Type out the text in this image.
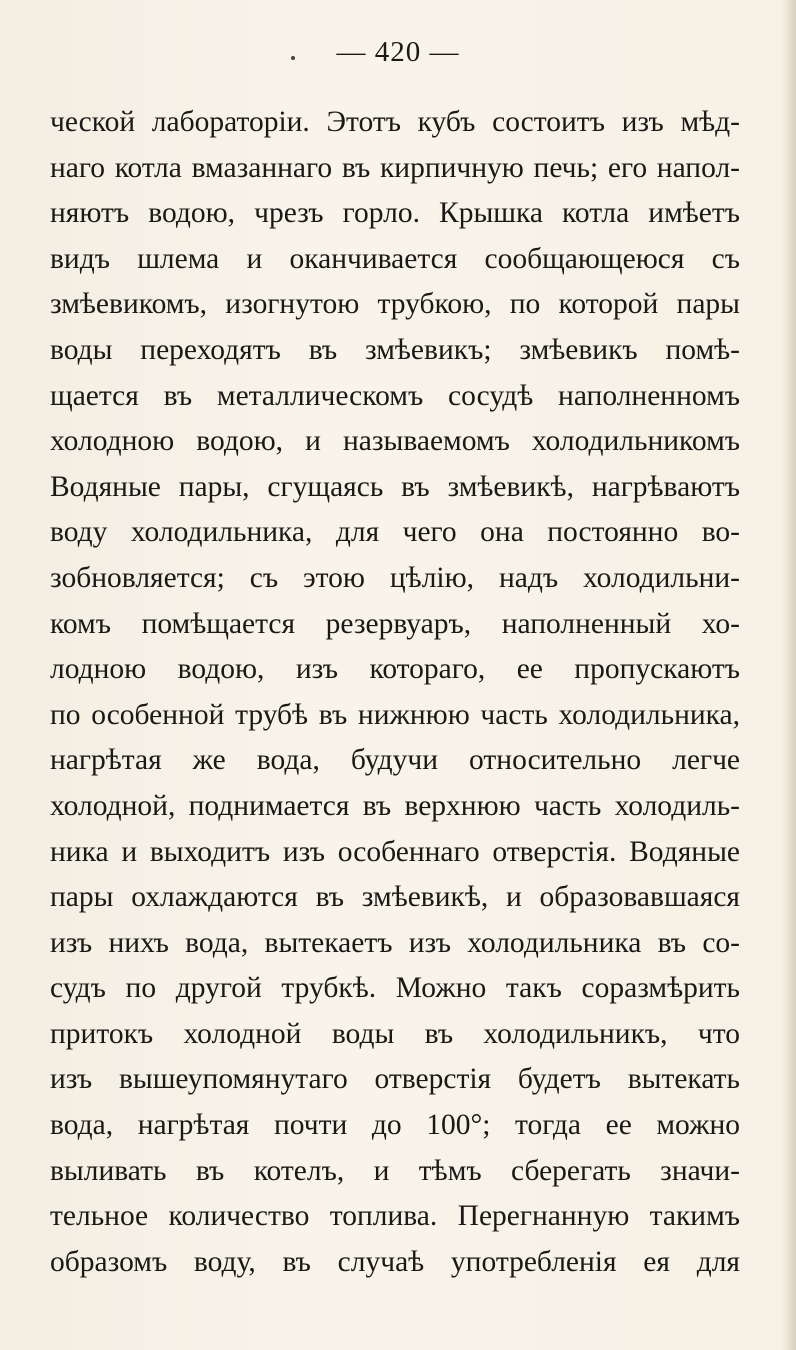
— 420 —
ческой лабораторіи. Этотъ кубъ состоитъ изъ мѣд-
наго котла вмазаннаго въ кирпичную печь; его напол-
няютъ водою, чрезъ горло. Крышка котла имѣетъ
видъ шлема и оканчивается сообщающеюся съ
змѣевикомъ, изогнутою трубкою, по которой пары
воды переходятъ въ змѣевикъ; змѣевикъ помѣ-
щается въ металлическомъ сосудѣ наполненномъ
холодною водою, и называемомъ холодильникомъ
Водяные пары, сгущаясь въ змѣевикѣ, нагрѣваютъ
воду холодильника, для чего она постоянно во-
зобновляется; съ этою цѣлію, надъ холодильни-
комъ помѣщается резервуаръ, наполненный хо-
лодною водою, изъ котораго, ее пропускаютъ
по особенной трубѣ въ нижнюю часть холодильника,
нагрѣтая же вода, будучи относительно легче
холодной, поднимается въ верхнюю часть холодиль-
ника и выходитъ изъ особеннаго отверстія. Водяные
пары охлаждаются въ змѣевикѣ, и образовавшаяся
изъ нихъ вода, вытекаетъ изъ холодильника въ со-
судъ по другой трубкѣ. Можно такъ соразмѣрить
притокъ холодной воды въ холодильникъ, что
изъ вышеупомянутаго отверстія будетъ вытекать
вода, нагрѣтая почти до 100°; тогда ее можно
выливать въ котелъ, и тѣмъ сберегать значи-
тельное количество топлива. Перегнанную такимъ
образомъ воду, въ случаѣ употребленія ея для
